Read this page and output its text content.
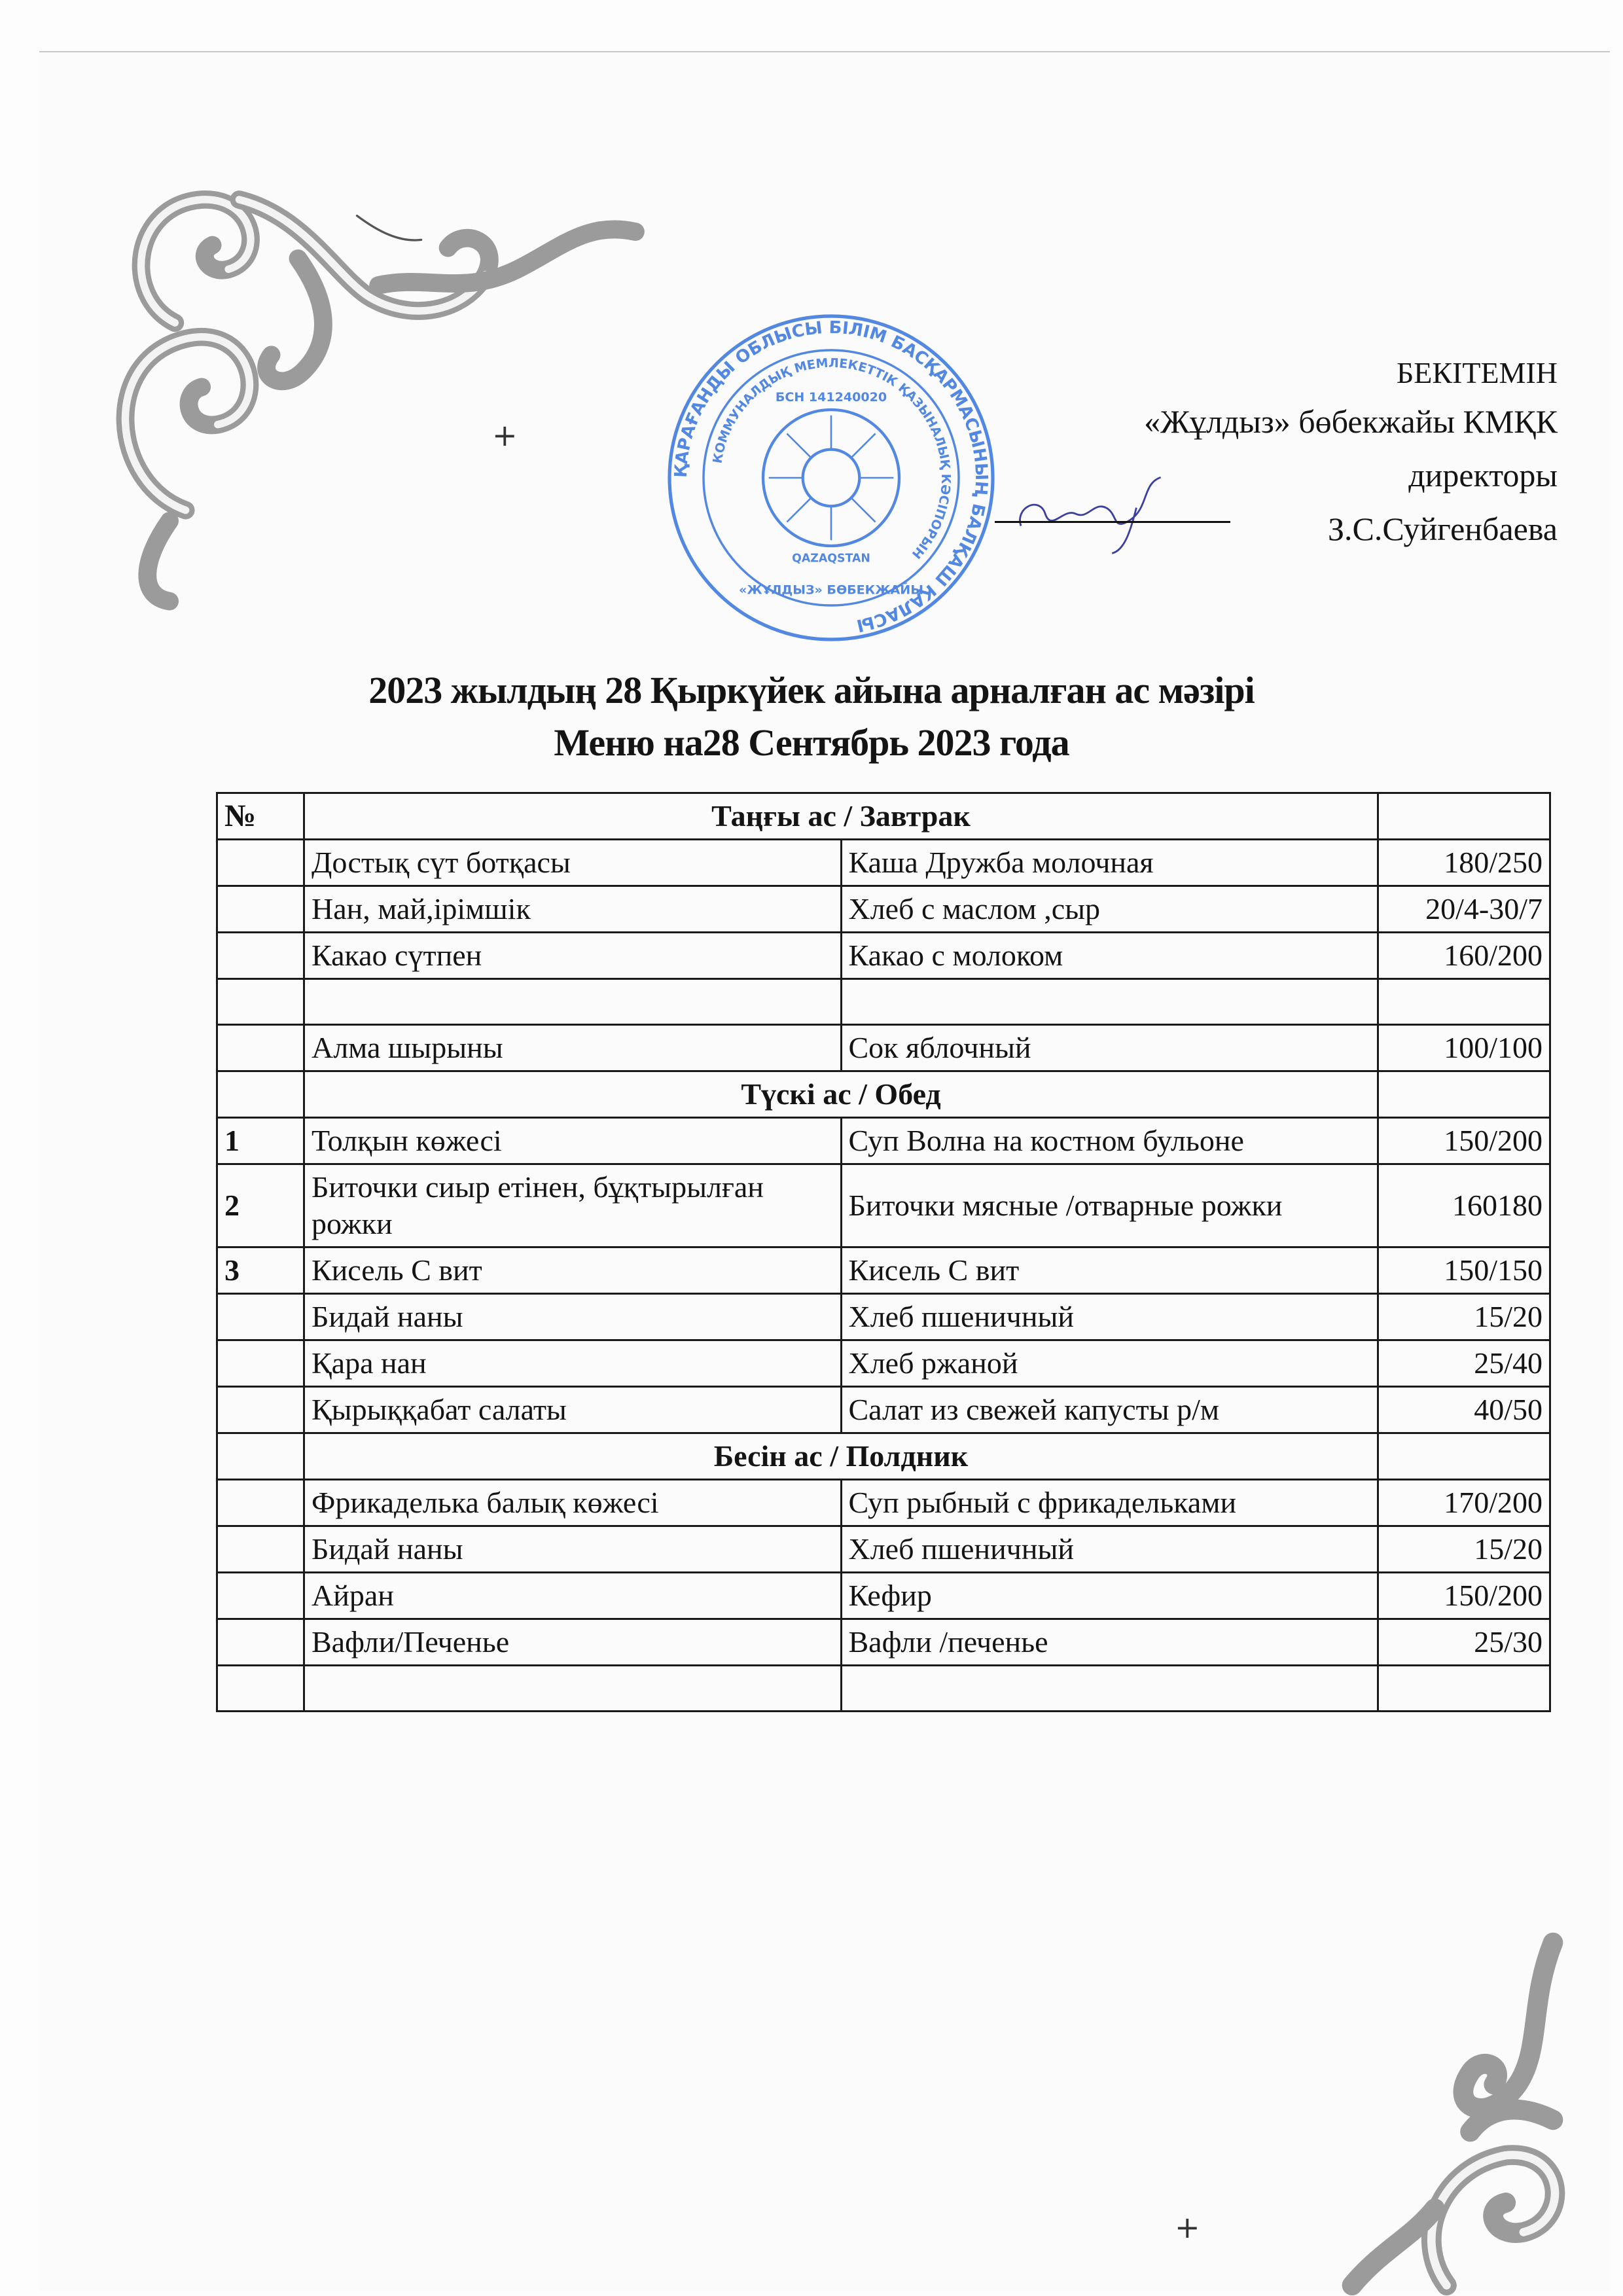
+
+
ҚАРАҒАНДЫ ОБЛЫСЫ БІЛІМ БАСҚАРМАСЫНЫҢ БАЛҚАШ ҚАЛАСЫ
КОММУНАЛДЫҚ МЕМЛЕКЕТТІК ҚАЗЫНАЛЫҚ КӘСІПОРЫН
БСН 141240020
QAZAQSTAN
«ЖҰЛДЫЗ» БӨБЕКЖАЙЫ
БЕКІТЕМІН
«Жұлдыз» бөбекжайы КМҚК
директоры
З.С.Суйгенбаева
2023 жылдың 28 Қыркүйек айына арналған ас мәзірі
Меню на28 Сентябрь 2023 года
№	Таңғы ас / Завтрак		
	Достық сүт ботқасы	Каша Дружба молочная	180/250
	Нан, май,ірімшік	Хлеб с маслом ,сыр	20/4-30/7
	Какао сүтпен	Какао с молоком	160/200

	Алма шырыны	Сок яблочный	100/100
	Түскі ас / Обед		
1	Толқын көжесі	Суп Волна на костном бульоне	150/200
2	Биточки сиыр етінен, бұқтырылған рожки	Биточки мясные /отварные рожки	160180
3	Кисель С вит	Кисель С вит	150/150
	Бидай наны	Хлеб пшеничный	15/20
	Қара нан	Хлеб ржаной	25/40
	Қырыққабат салаты	Салат из свежей капусты р/м	40/50
	Бесін ас / Полдник		
	Фрикаделька балық көжесі	Суп рыбный с фрикадельками	170/200
	Бидай наны	Хлеб пшеничный	15/20
	Айран	Кефир	150/200
	Вафли/Печенье	Вафли /печенье	25/30
